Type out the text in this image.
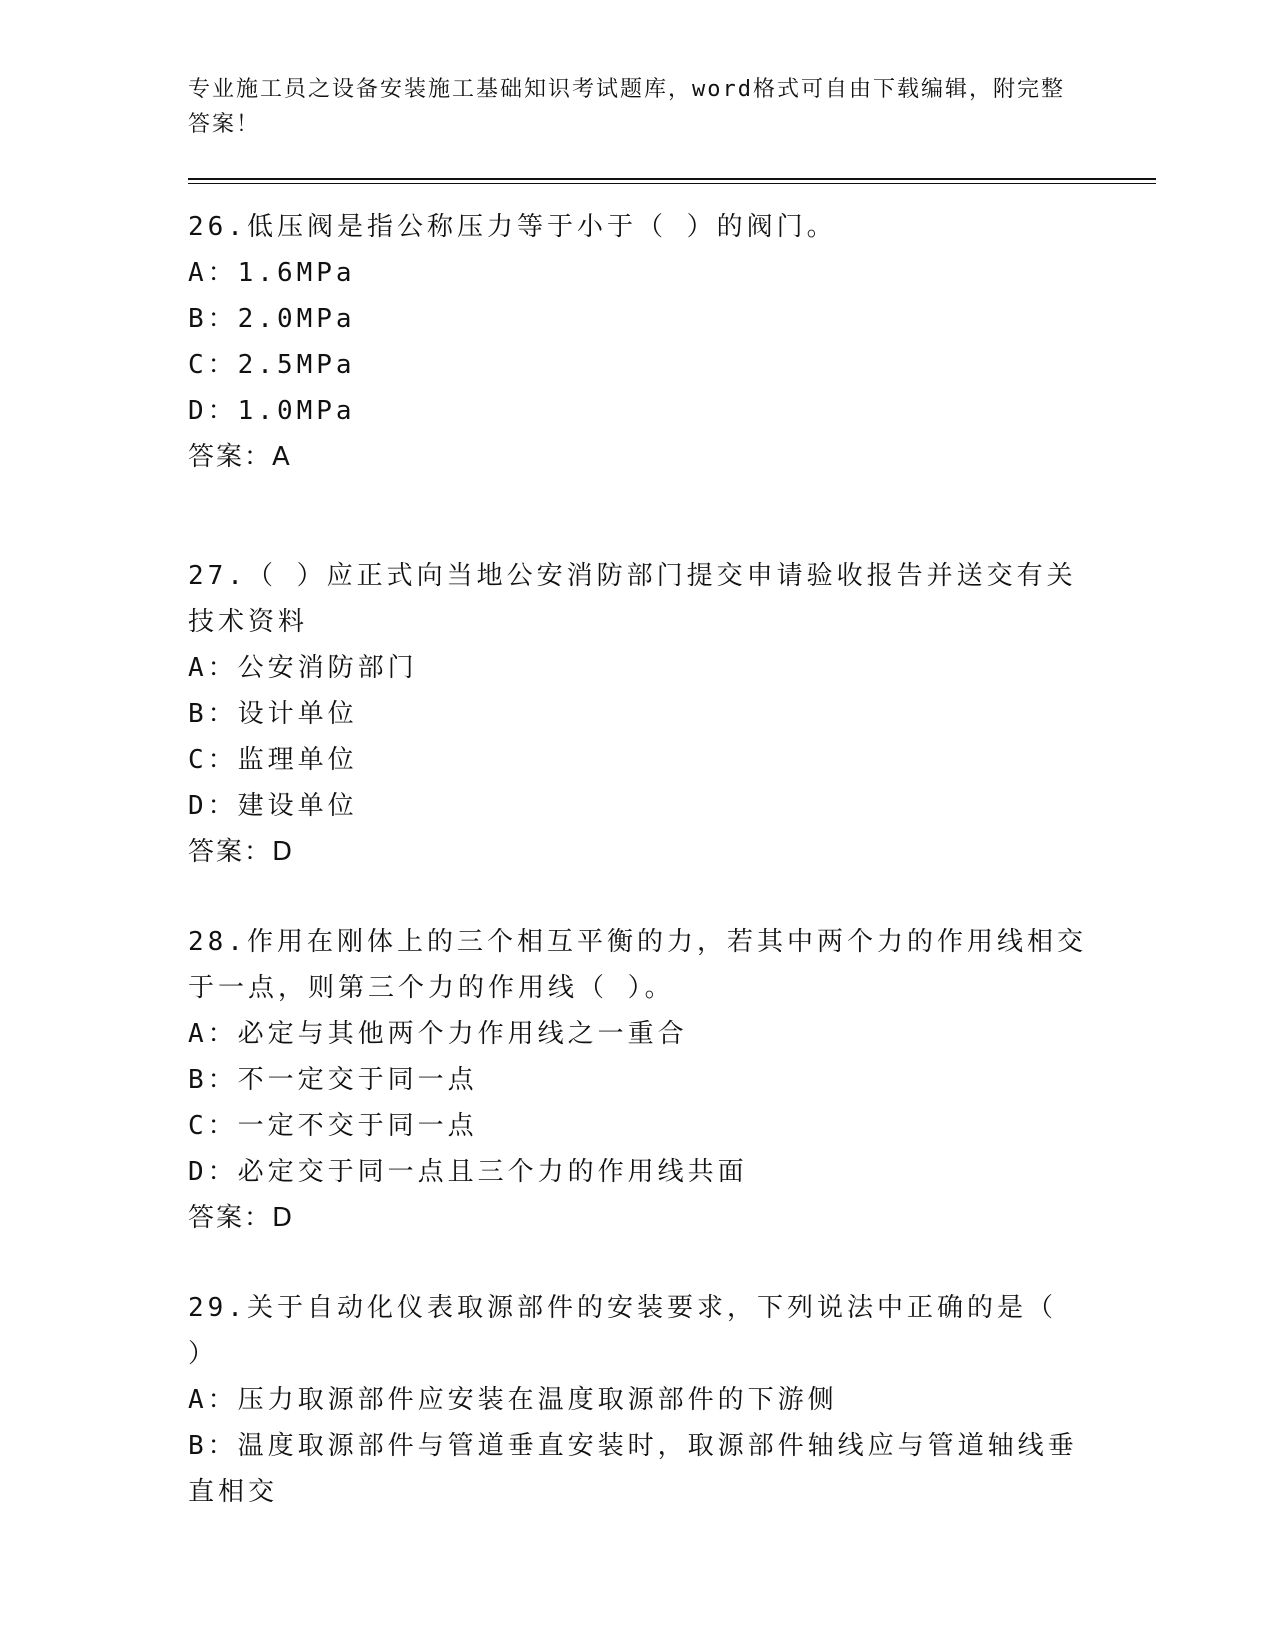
专业施工员之设备安装施工基础知识考试题库，word格式可自由下载编辑，附完整答案！

26.低压阀是指公称压力等于小于（ ）的阀门。

A：1.6MPa

B：2.0MPa

C：2.5MPa

D：1.0MPa

答案：A

27.（ ）应正式向当地公安消防部门提交申请验收报告并送交有关技术资料

A：公安消防部门

B：设计单位

C：监理单位

D：建设单位

答案：D

28.作用在刚体上的三个相互平衡的力，若其中两个力的作用线相交于一点，则第三个力的作用线（ ）。

A：必定与其他两个力作用线之一重合

B：不一定交于同一点

C：一定不交于同一点

D：必定交于同一点且三个力的作用线共面

答案：D

29.关于自动化仪表取源部件的安装要求，下列说法中正确的是（ ）

A：压力取源部件应安装在温度取源部件的下游侧

B：温度取源部件与管道垂直安装时，取源部件轴线应与管道轴线垂直相交
